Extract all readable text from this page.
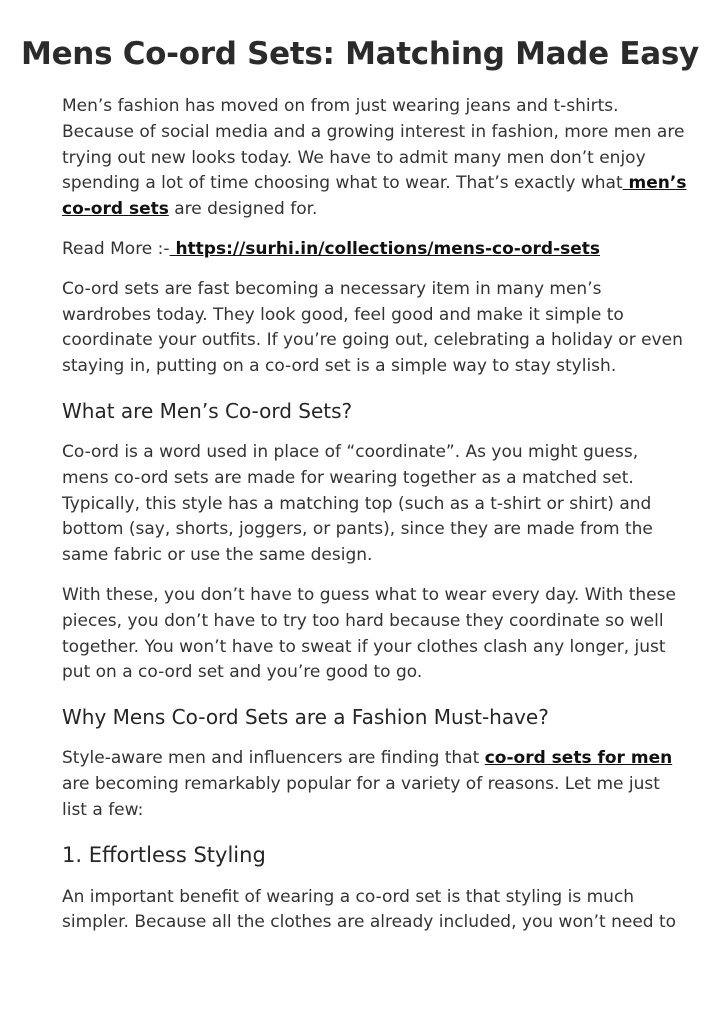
Mens Co-ord Sets: Matching Made Easy

Men’s fashion has moved on from just wearing jeans and t-shirts. Because of social media and a growing interest in fashion, more men are trying out new looks today. We have to admit many men don’t enjoy spending a lot of time choosing what to wear. That’s exactly what men’s co-ord sets are designed for.

Read More :- https://surhi.in/collections/mens-co-ord-sets

Co-ord sets are fast becoming a necessary item in many men’s wardrobes today. They look good, feel good and make it simple to coordinate your outfits. If you’re going out, celebrating a holiday or even staying in, putting on a co-ord set is a simple way to stay stylish.

What are Men’s Co-ord Sets?

Co-ord is a word used in place of “coordinate”. As you might guess, mens co-ord sets are made for wearing together as a matched set. Typically, this style has a matching top (such as a t-shirt or shirt) and bottom (say, shorts, joggers, or pants), since they are made from the same fabric or use the same design.

With these, you don’t have to guess what to wear every day. With these pieces, you don’t have to try too hard because they coordinate so well together. You won’t have to sweat if your clothes clash any longer, just put on a co-ord set and you’re good to go.

Why Mens Co-ord Sets are a Fashion Must-have?

Style-aware men and influencers are finding that co-ord sets for men are becoming remarkably popular for a variety of reasons. Let me just list a few:

1. Effortless Styling

An important benefit of wearing a co-ord set is that styling is much simpler. Because all the clothes are already included, you won’t need to
